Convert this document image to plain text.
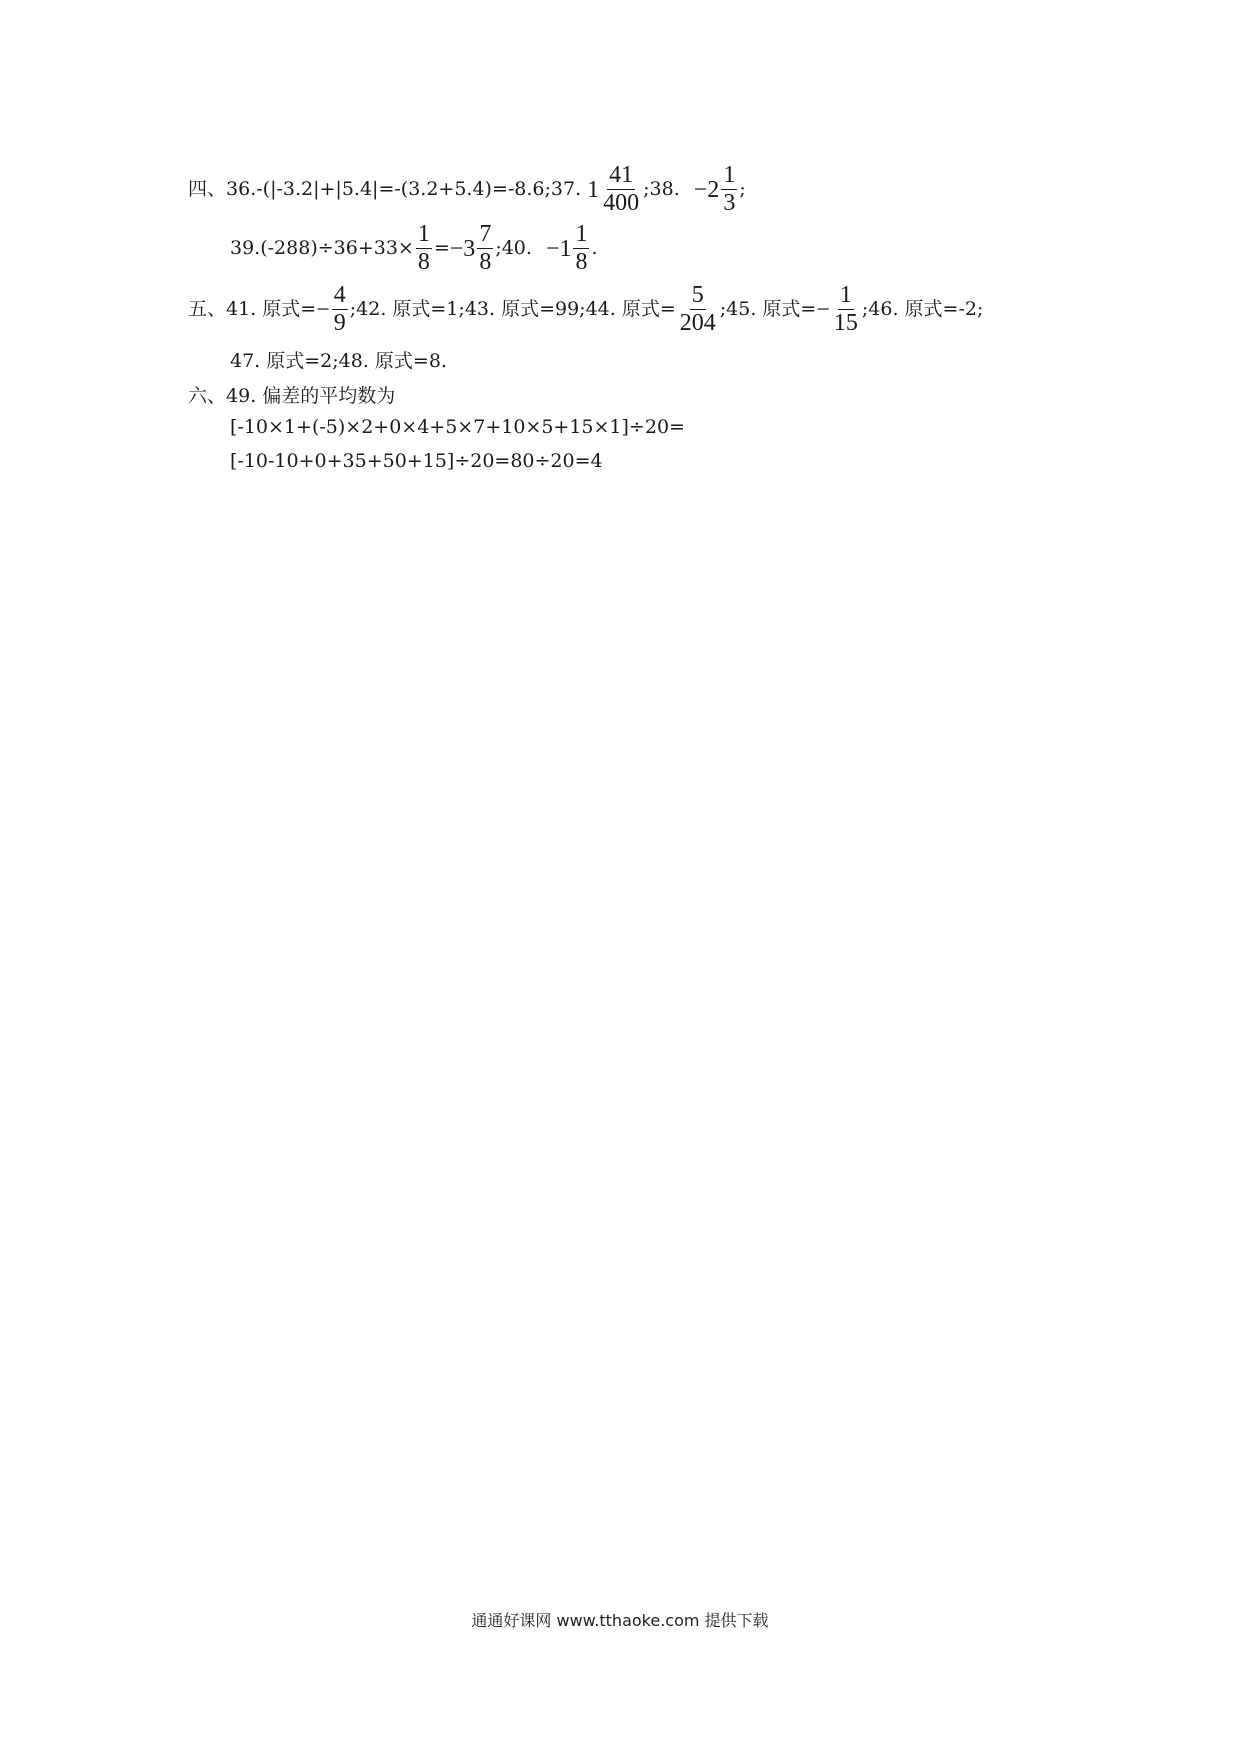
四、 36.-(|-3.2|+|5.4|=-(3.2+5.4)=-8.6;37. $1 \frac{41}{400}$ ;38. $-2 \frac{1}{3}$ ;
$39.(-288)\div 36+33\times \frac{1}{8} = -3 \frac{7}{8}$ ;40. $-1 \frac{1}{8}$ .
五、 41. 原式= − $\frac{4}{9}$ ;42. 原式=1;43. 原式=99;44. 原式= $\frac{5}{204}$ ;45. 原式= − $\frac{1}{15}$ ;46. 原式=-2;
47. 原式=2;48. 原式=8.
六、 49. 偏差的平均数为
[-10×1+(-5)×2+0×4+5×7+10×5+15×1]÷20=
[-10-10+0+35+50+15]÷20=80÷20=4
通通好课网 www.tthaoke.com 提供下载
